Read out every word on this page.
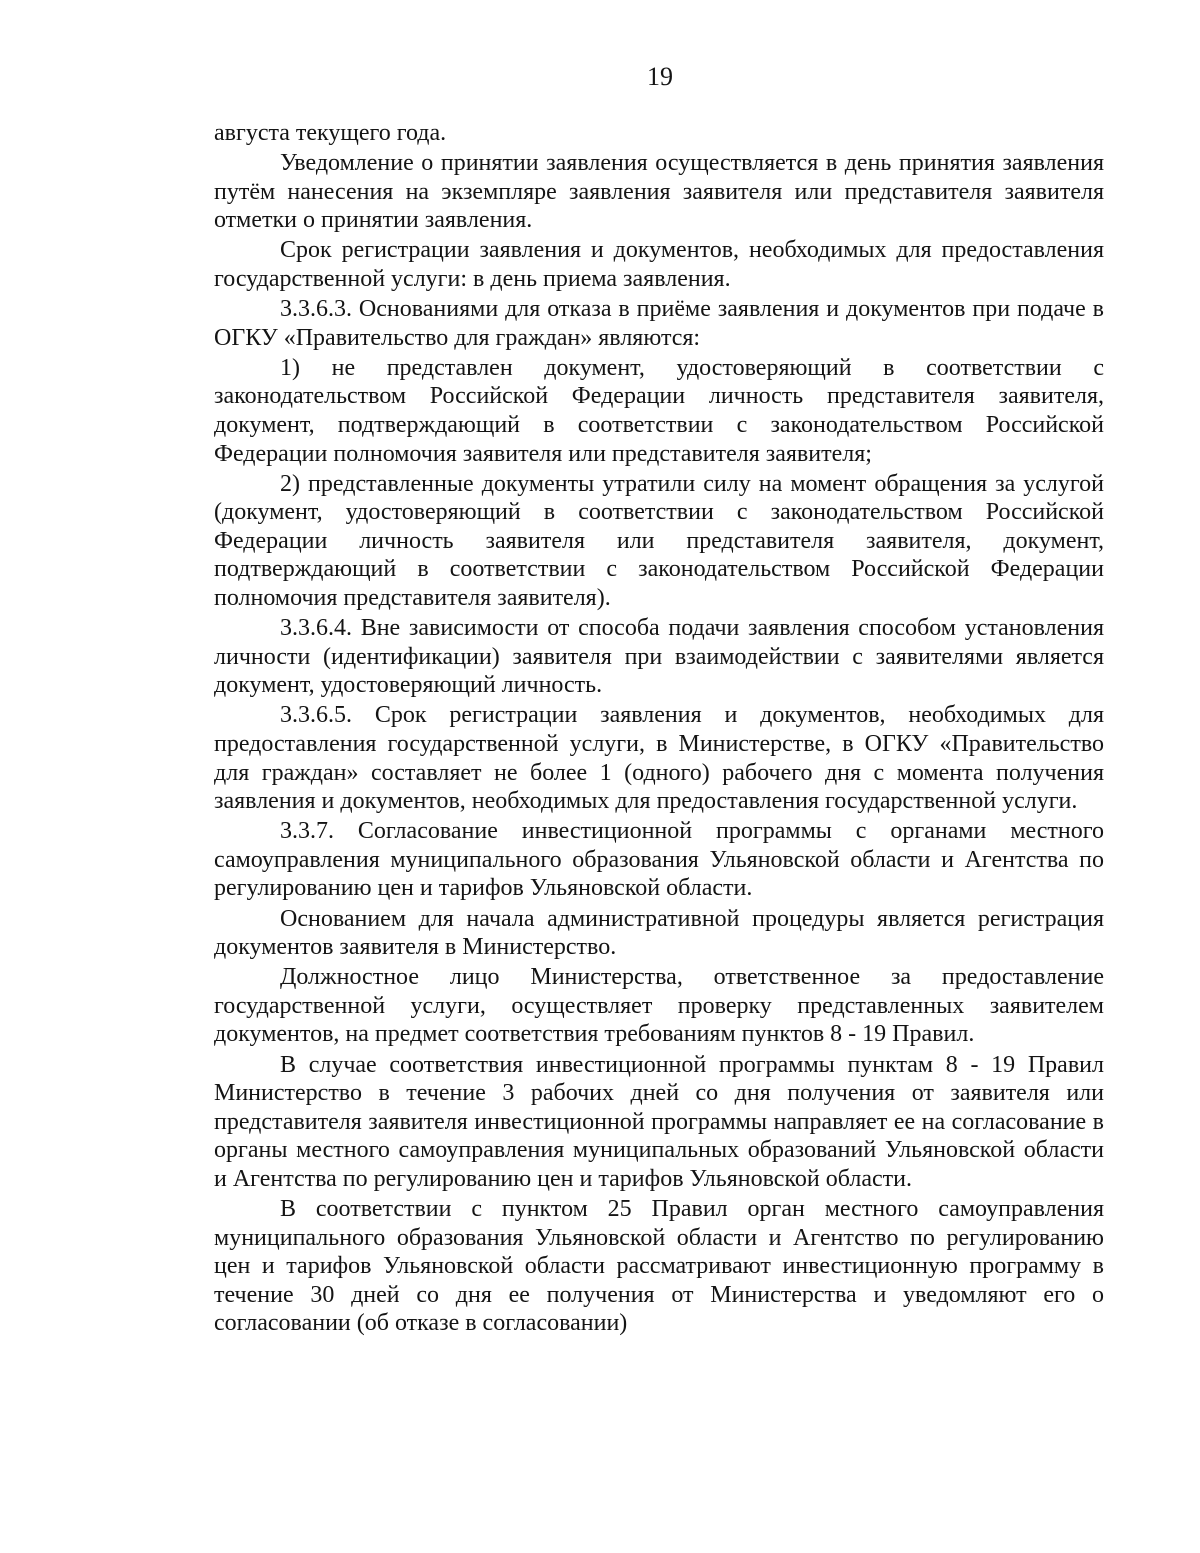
19

августа текущего года.

Уведомление о принятии заявления осуществляется в день принятия заявления путём нанесения на экземпляре заявления заявителя или представителя заявителя отметки о принятии заявления.

Срок регистрации заявления и документов, необходимых для предоставления государственной услуги: в день приема заявления.

3.3.6.3. Основаниями для отказа в приёме заявления и документов при подаче в ОГКУ «Правительство для граждан» являются:

1) не представлен документ, удостоверяющий в соответствии с законодательством Российской Федерации личность представителя заявителя, документ, подтверждающий в соответствии с законодательством Российской Федерации полномочия заявителя или представителя заявителя;

2) представленные документы утратили силу на момент обращения за услугой (документ, удостоверяющий в соответствии с законодательством Российской Федерации личность заявителя или представителя заявителя, документ, подтверждающий в соответствии с законодательством Российской Федерации полномочия представителя заявителя).

3.3.6.4. Вне зависимости от способа подачи заявления способом установления личности (идентификации) заявителя при взаимодействии с заявителями является документ, удостоверяющий личность.

3.3.6.5. Срок регистрации заявления и документов, необходимых для предоставления государственной услуги, в Министерстве, в ОГКУ «Правительство для граждан» составляет не более 1 (одного) рабочего дня с момента получения заявления и документов, необходимых для предоставления государственной услуги.

3.3.7. Согласование инвестиционной программы с органами местного самоуправления муниципального образования Ульяновской области и Агентства по регулированию цен и тарифов Ульяновской области.

Основанием для начала административной процедуры является регистрация документов заявителя в Министерство.

Должностное лицо Министерства, ответственное за предоставление государственной услуги, осуществляет проверку представленных заявителем документов, на предмет соответствия требованиям пунктов 8 - 19 Правил.

В случае соответствия инвестиционной программы пунктам 8 - 19 Правил Министерство в течение 3 рабочих дней со дня получения от заявителя или представителя заявителя инвестиционной программы направляет ее на согласование в органы местного самоуправления муниципальных образований Ульяновской области и Агентства по регулированию цен и тарифов Ульяновской области.

В соответствии с пунктом 25 Правил орган местного самоуправления муниципального образования Ульяновской области и Агентство по регулированию цен и тарифов Ульяновской области рассматривают инвестиционную программу в течение 30 дней со дня ее получения от Министерства и уведомляют его о согласовании (об отказе в согласовании)
